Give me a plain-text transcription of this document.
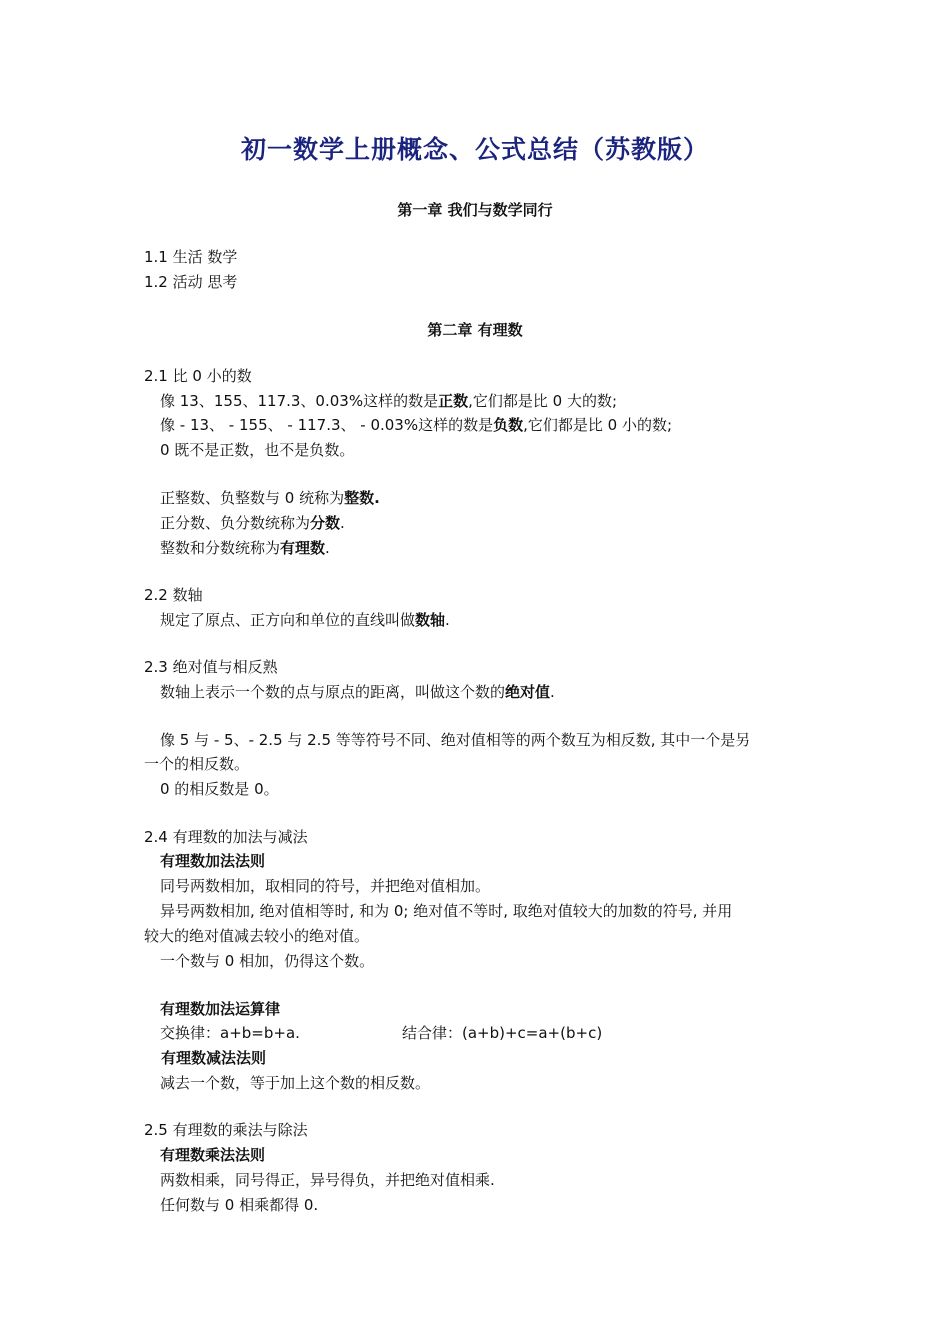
初一数学上册概念、公式总结（苏教版）
第一章 我们与数学同行

1.1 生活 数学

1.2 活动 思考

第二章 有理数

2.1 比 0 小的数

像 13、155、117.3、0.03%这样的数是正数,它们都是比 0 大的数;

像 - 13、 - 155、 - 117.3、 - 0.03%这样的数是负数,它们都是比 0 小的数;

0 既不是正数，也不是负数。

正整数、负整数与 0 统称为整数.

正分数、负分数统称为分数.

整数和分数统称为有理数.

2.2 数轴

规定了原点、正方向和单位的直线叫做数轴.

2.3 绝对值与相反熟

数轴上表示一个数的点与原点的距离，叫做这个数的绝对值.

像 5 与 - 5、- 2.5 与 2.5 等等符号不同、绝对值相等的两个数互为相反数, 其中一个是另

一个的相反数。

0 的相反数是 0。

2.4 有理数的加法与减法

有理数加法法则

同号两数相加，取相同的符号，并把绝对值相加。

异号两数相加, 绝对值相等时, 和为 0; 绝对值不等时, 取绝对值较大的加数的符号, 并用

较大的绝对值减去较小的绝对值。

一个数与 0 相加，仍得这个数。

有理数加法运算律

交换律：a+b=b+a.	结合律：(a+b)+c=a+(b+c)

有理数减法法则

减去一个数，等于加上这个数的相反数。

2.5 有理数的乘法与除法

有理数乘法法则

两数相乘，同号得正，异号得负，并把绝对值相乘.

任何数与 0 相乘都得 0.
